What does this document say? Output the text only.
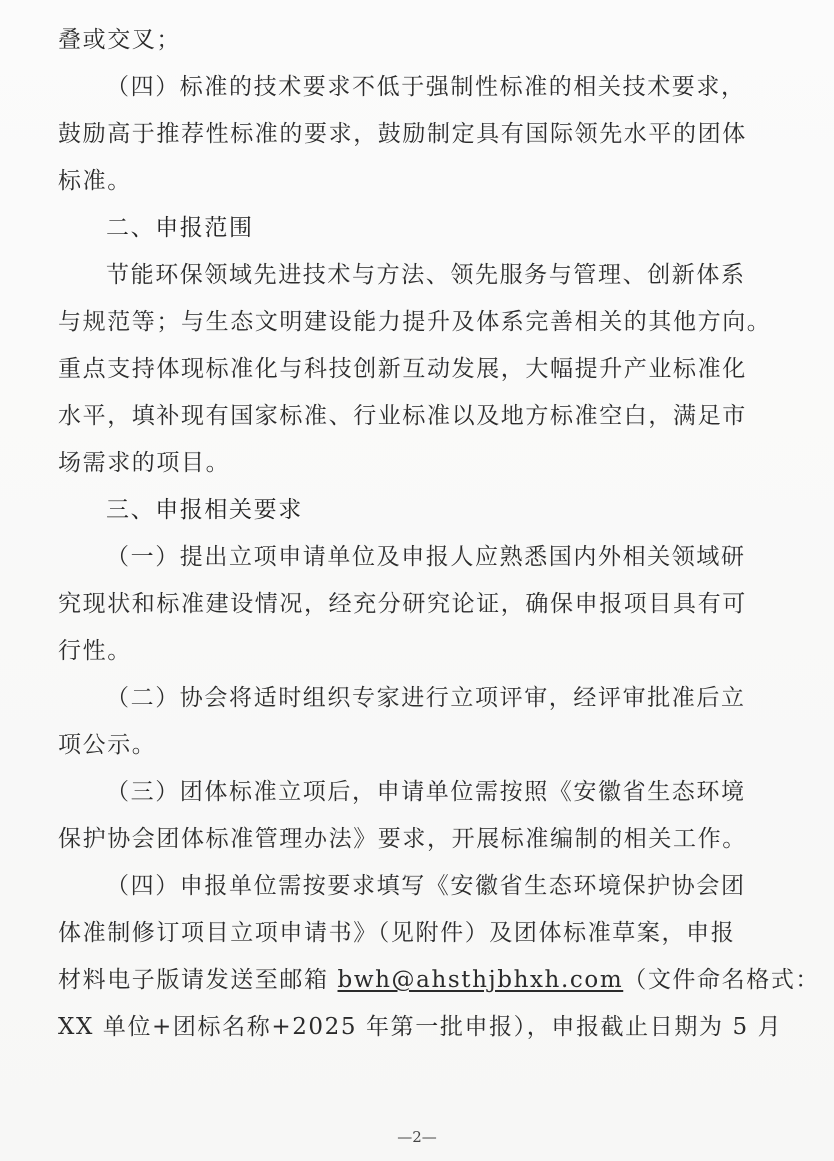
叠或交叉；
（四）标准的技术要求不低于强制性标准的相关技术要求，
鼓励高于推荐性标准的要求，鼓励制定具有国际领先水平的团体
标准。
二、申报范围
节能环保领域先进技术与方法、领先服务与管理、创新体系
与规范等；与生态文明建设能力提升及体系完善相关的其他方向。
重点支持体现标准化与科技创新互动发展，大幅提升产业标准化
水平，填补现有国家标准、行业标准以及地方标准空白，满足市
场需求的项目。
三、申报相关要求
（一）提出立项申请单位及申报人应熟悉国内外相关领域研
究现状和标准建设情况，经充分研究论证，确保申报项目具有可
行性。
（二）协会将适时组织专家进行立项评审，经评审批准后立
项公示。
（三）团体标准立项后，申请单位需按照《安徽省生态环境
保护协会团体标准管理办法》要求，开展标准编制的相关工作。
（四）申报单位需按要求填写《安徽省生态环境保护协会团
体准制修订项目立项申请书》（见附件）及团体标准草案，申报
材料电子版请发送至邮箱 bwh@ahsthjbhxh.com（文件命名格式：
XX 单位+团标名称+2025 年第一批申报），申报截止日期为 5 月
—2—
